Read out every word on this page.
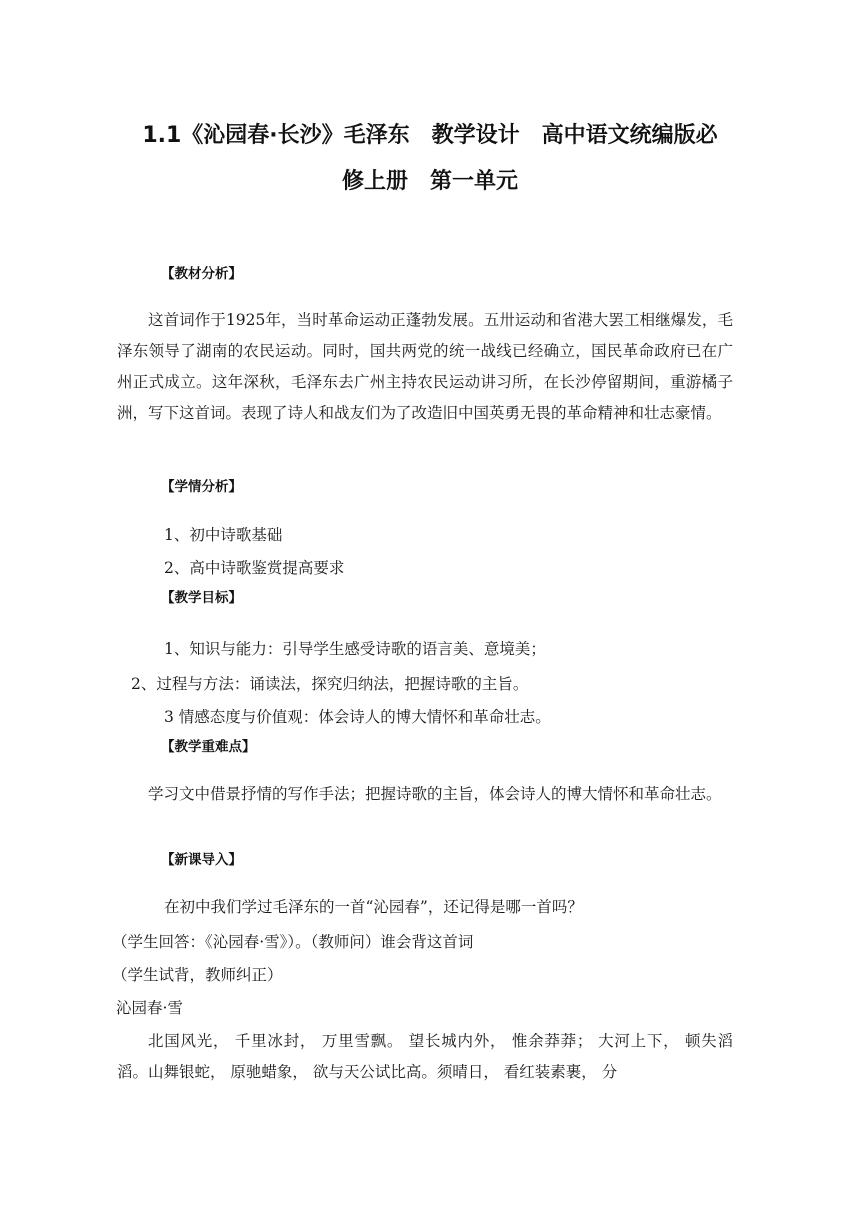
1.1《沁园春·长沙》毛泽东　教学设计　高中语文统编版必
修上册　第一单元
【教材分析】
这首词作于1925年，当时革命运动正蓬勃发展。五卅运动和省港大罢工相继爆发，毛泽东领导了湖南的农民运动。同时，国共两党的统一战线已经确立，国民革命政府已在广州正式成立。这年深秋，毛泽东去广州主持农民运动讲习所，在长沙停留期间，重游橘子洲，写下这首词。表现了诗人和战友们为了改造旧中国英勇无畏的革命精神和壮志豪情。
【学情分析】
1、初中诗歌基础
2、高中诗歌鉴赏提高要求
【教学目标】
1、知识与能力：引导学生感受诗歌的语言美、意境美；
2、过程与方法：诵读法，探究归纳法，把握诗歌的主旨。
3 情感态度与价值观：体会诗人的博大情怀和革命壮志。
【教学重难点】
学习文中借景抒情的写作手法；把握诗歌的主旨，体会诗人的博大情怀和革命壮志。
【新课导入】
在初中我们学过毛泽东的一首“沁园春”，还记得是哪一首吗？
（学生回答：《沁园春·雪》）。（教师问）谁会背这首词
（学生试背，教师纠正）
沁园春·雪
北国风光， 千里冰封， 万里雪飘。 望长城内外， 惟余莽莽； 大河上下， 顿失滔滔。山舞银蛇， 原驰蜡象， 欲与天公试比高。须晴日， 看红装素裹， 分
